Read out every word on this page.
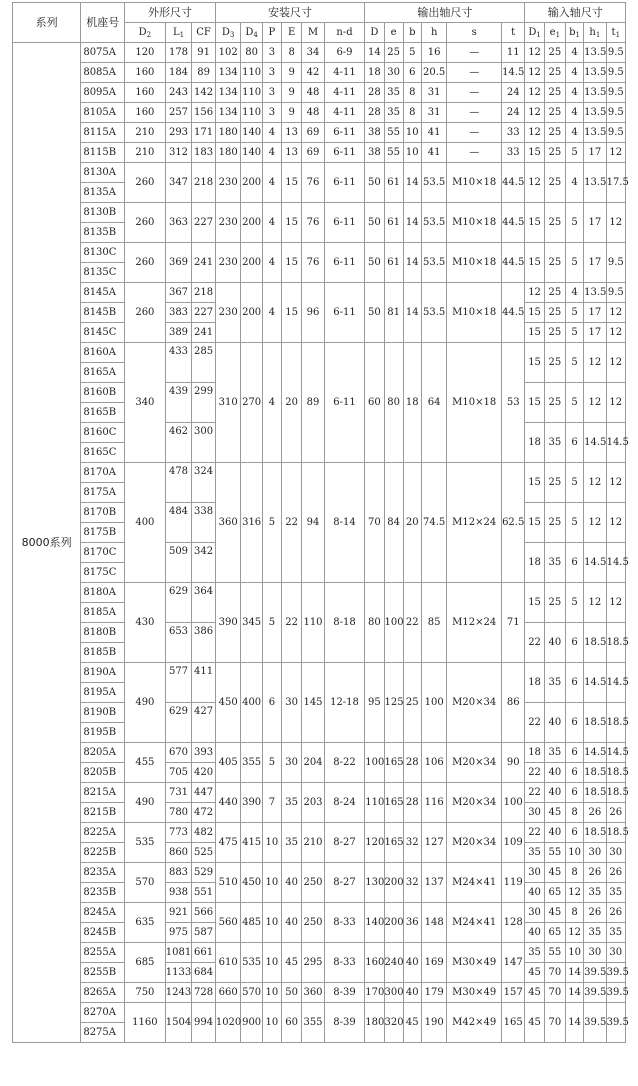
系列	机座号	外形尺寸			安装尺寸						输出轴尺寸						输入轴尺寸				
		$D_2$	$L_1$	CF	$D_3$	$D_4$	P	E	M	n-d	D	e	b	h	s	t	$D_1$	$e_1$	$b_1$	$h_1$	$t_1$
8000系列	8075A	120	178	91	102	80	3	8	34	6-9	14	25	5	16	—	11	12	25	4	13.5	9.5
	8085A	160	184	89	134	110	3	9	42	4-11	18	30	6	20.5	—	14.5	12	25	4	13.5	9.5
	8095A	160	243	142	134	110	3	9	48	4-11	28	35	8	31	—	24	12	25	4	13.5	9.5
	8105A	160	257	156	134	110	3	9	48	4-11	28	35	8	31	—	24	12	25	4	13.5	9.5
	8115A	210	293	171	180	140	4	13	69	6-11	38	55	10	41	—	33	12	25	4	13.5	9.5
	8115B	210	312	183	180	140	4	13	69	6-11	38	55	10	41	—	33	15	25	5	17	12
	8130A	260	347	218	230	200	4	15	76	6-11	50	61	14	53.5	M10×18	44.5	12	25	4	13.5	17.5
	8135A																				
	8130B	260	363	227	230	200	4	15	76	6-11	50	61	14	53.5	M10×18	44.5	15	25	5	17	12
	8135B																				
	8130C	260	369	241	230	200	4	15	76	6-11	50	61	14	53.5	M10×18	44.5	15	25	5	17	9.5
	8135C																				
	8145A	260	367	218	230	200	4	15	96	6-11	50	81	14	53.5	M10×18	44.5	12	25	4	13.5	9.5
	8145B		383	227													15	25	5	17	12
	8145C		389	241													15	25	5	17	12
	8160A	340	433	285	310	270	4	20	89	6-11	60	80	18	64	M10×18	53	15	25	5	12	12
	8165A																				
	8160B		439	299													15	25	5	12	12
	8165B																				
	8160C		462	300													18	35	6	14.5	14.5
	8165C																				
	8170A	400	478	324	360	316	5	22	94	8-14	70	84	20	74.5	M12×24	62.5	15	25	5	12	12
	8175A																				
	8170B		484	338													15	25	5	12	12
	8175B																				
	8170C		509	342													18	35	6	14.5	14.5
	8175C																				
	8180A	430	629	364	390	345	5	22	110	8-18	80	100	22	85	M12×24	71	15	25	5	12	12
	8185A																				
	8180B		653	386													22	40	6	18.5	18.5
	8185B																				
	8190A	490	577	411	450	400	6	30	145	12-18	95	125	25	100	M20×34	86	18	35	6	14.5	14.5
	8195A																				
	8190B		629	427													22	40	6	18.5	18.5
	8195B																				
	8205A	455	670	393	405	355	5	30	204	8-22	100	165	28	106	M20×34	90	18	35	6	14.5	14.5
	8205B		705	420													22	40	6	18.5	18.5
	8215A	490	731	447	440	390	7	35	203	8-24	110	165	28	116	M20×34	100	22	40	6	18.5	18.5
	8215B		780	472													30	45	8	26	26
	8225A	535	773	482	475	415	10	35	210	8-27	120	165	32	127	M20×34	109	22	40	6	18.5	18.5
	8225B		860	525													35	55	10	30	30
	8235A	570	883	529	510	450	10	40	250	8-27	130	200	32	137	M24×41	119	30	45	8	26	26
	8235B		938	551													40	65	12	35	35
	8245A	635	921	566	560	485	10	40	250	8-33	140	200	36	148	M24×41	128	30	45	8	26	26
	8245B		975	587													40	65	12	35	35
	8255A	685	1081	661	610	535	10	45	295	8-33	160	240	40	169	M30×49	147	35	55	10	30	30
	8255B		1133	684													45	70	14	39.5	39.5
	8265A	750	1243	728	660	570	10	50	360	8-39	170	300	40	179	M30×49	157	45	70	14	39.5	39.5
	8270A	1160	1504	994	1020	900	10	60	355	8-39	180	320	45	190	M42×49	165	45	70	14	39.5	39.5
	8275A																				
